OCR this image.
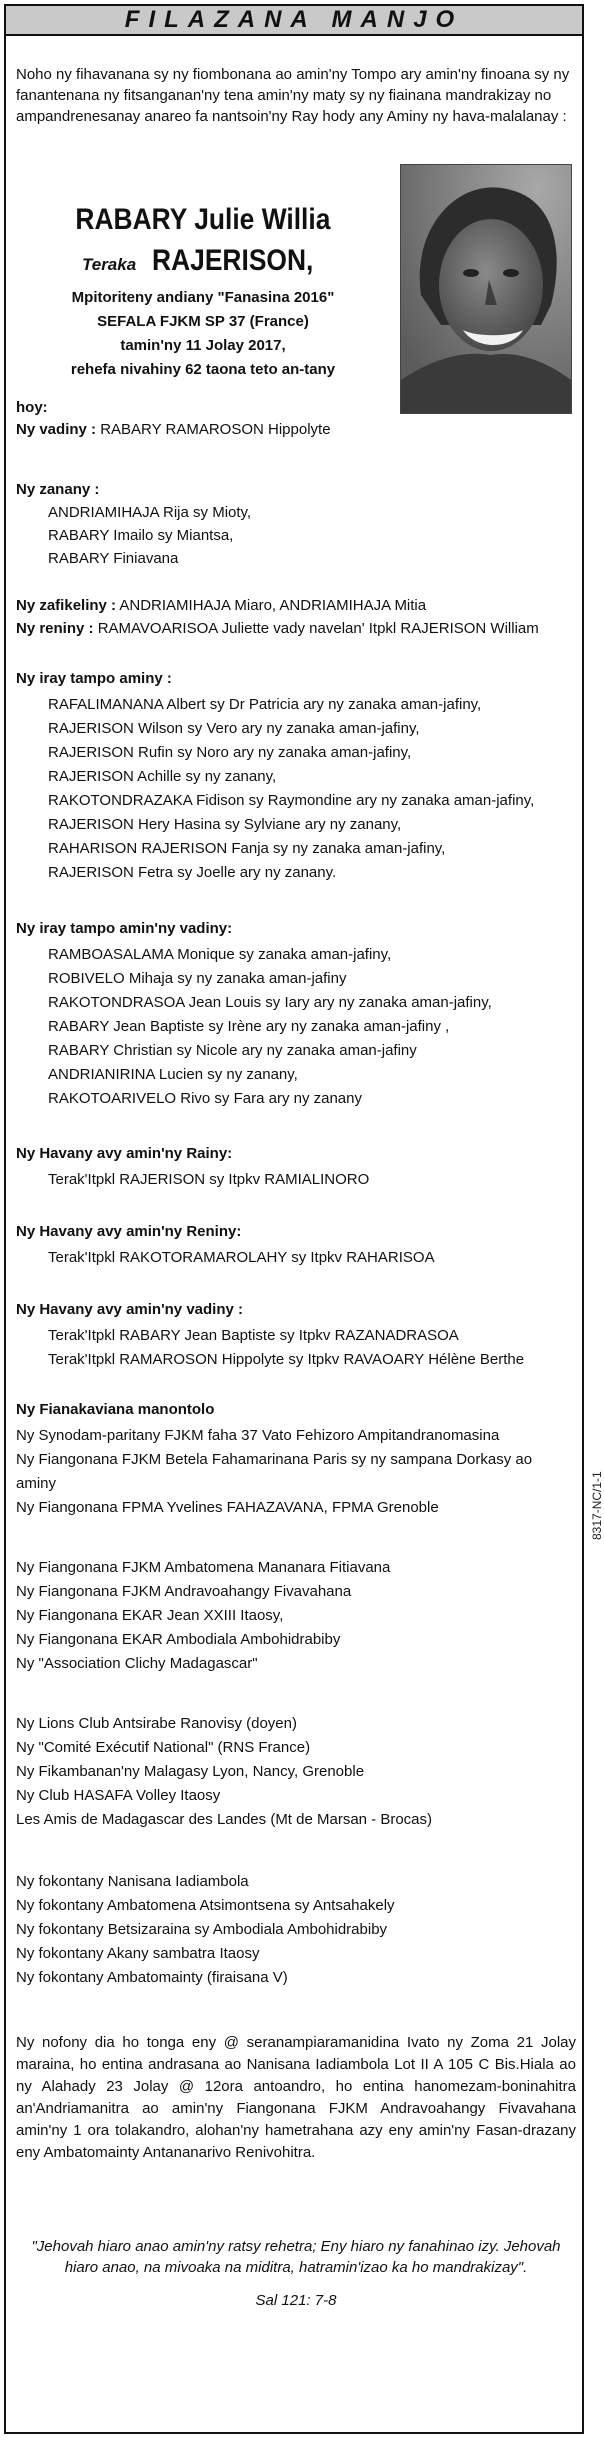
FILAZANA MANJO

Noho ny fihavanana sy ny fiombonana ao amin'ny Tompo ary amin'ny finoana sy ny fanantenana ny fitsanganan'ny tena amin'ny maty sy ny fiainana mandrakizay no ampandrenesanay anareo fa nantsoin'ny Ray hody any Aminy ny hava-malalanay :

RABARY Julie Willia
Teraka RAJERISON,
Mpitoriteny andiany "Fanasina 2016"
SEFALA FJKM SP 37 (France)
tamin'ny 11 Jolay 2017,
rehefa nivahiny 62 taona teto an-tany
hoy:
Ny vadiny : RABARY RAMAROSON Hippolyte
Ny zanany :
ANDRIAMIHAJA Rija sy Mioty,
RABARY Imailo sy Miantsa,
RABARY Finiavana
Ny zafikeliny : ANDRIAMIHAJA Miaro, ANDRIAMIHAJA Mitia
Ny reniny : RAMAVOARISOA Juliette vady navelan' Itpkl RAJERISON William
Ny iray tampo aminy :
RAFALIMANANA Albert sy Dr Patricia ary ny zanaka aman-jafiny,
RAJERISON Wilson sy Vero ary ny zanaka aman-jafiny,
RAJERISON Rufin sy Noro ary ny zanaka aman-jafiny,
RAJERISON Achille sy ny zanany,
RAKOTONDRAZAKA Fidison sy Raymondine ary ny zanaka aman-jafiny,
RAJERISON Hery Hasina sy Sylviane ary ny zanany,
RAHARISON RAJERISON Fanja sy ny zanaka aman-jafiny,
RAJERISON Fetra sy Joelle ary ny zanany.
Ny iray tampo amin'ny vadiny:
RAMBOASALAMA Monique sy zanaka aman-jafiny,
ROBIVELO Mihaja sy ny zanaka aman-jafiny
RAKOTONDRASOA Jean Louis sy Iary ary ny zanaka aman-jafiny,
RABARY Jean Baptiste sy Irène ary ny zanaka aman-jafiny ,
RABARY Christian sy Nicole ary ny zanaka aman-jafiny
ANDRIANIRINA Lucien sy ny zanany,
RAKOTOARIVELO Rivo sy Fara ary ny zanany
Ny Havany avy amin'ny Rainy:
Terak'Itpkl RAJERISON sy Itpkv RAMIALINORO
Ny Havany avy amin'ny Reniny:
Terak'Itpkl RAKOTORAMAROLAHY sy Itpkv RAHARISOA
Ny Havany avy amin'ny vadiny :
Terak'Itpkl RABARY Jean Baptiste sy Itpkv RAZANADRASOA
Terak'Itpkl RAMAROSON Hippolyte sy Itpkv RAVAOARY Hélène Berthe
Ny Fianakaviana manontolo
Ny Synodam-paritany FJKM faha 37 Vato Fehizoro Ampitandranomasina
Ny Fiangonana FJKM Betela Fahamarinana Paris sy ny sampana Dorkasy ao
aminy
Ny Fiangonana FPMA Yvelines FAHAZAVANA, FPMA Grenoble
Ny Fiangonana FJKM Ambatomena Mananara Fitiavana
Ny Fiangonana FJKM Andravoahangy Fivavahana
Ny Fiangonana EKAR Jean XXIII Itaosy,
Ny Fiangonana EKAR Ambodiala Ambohidrabiby
Ny "Association Clichy Madagascar"
Ny Lions Club Antsirabe Ranovisy (doyen)
Ny "Comité Exécutif National" (RNS France)
Ny Fikambanan'ny Malagasy Lyon, Nancy, Grenoble
Ny Club HASAFA Volley Itaosy
Les Amis de Madagascar des Landes (Mt de Marsan - Brocas)
Ny fokontany Nanisana Iadiambola
Ny fokontany Ambatomena Atsimontsena sy Antsahakely
Ny fokontany Betsizaraina sy Ambodiala Ambohidrabiby
Ny fokontany Akany sambatra Itaosy
Ny fokontany Ambatomainty (firaisana V)

Ny nofony dia ho tonga eny @ seranampiaramanidina Ivato ny Zoma 21 Jolay maraina, ho entina andrasana ao Nanisana Iadiambola Lot II A 105 C Bis.Hiala ao ny Alahady 23 Jolay @ 12ora antoandro, ho entina hanomezam-boninahitra an'Andriamanitra ao amin'ny Fiangonana FJKM Andravoahangy Fivavahana amin'ny 1 ora tolakandro, alohan'ny hametrahana azy eny amin'ny Fasan-drazany eny Ambatomainty Antananarivo Renivohitra.

"Jehovah hiaro anao amin'ny ratsy rehetra; Eny hiaro ny fanahinao izy. Jehovah hiaro anao, na mivoaka na miditra, hatramin'izao ka ho mandrakizay".

Sal 121: 7-8
8317-NC/1-1
